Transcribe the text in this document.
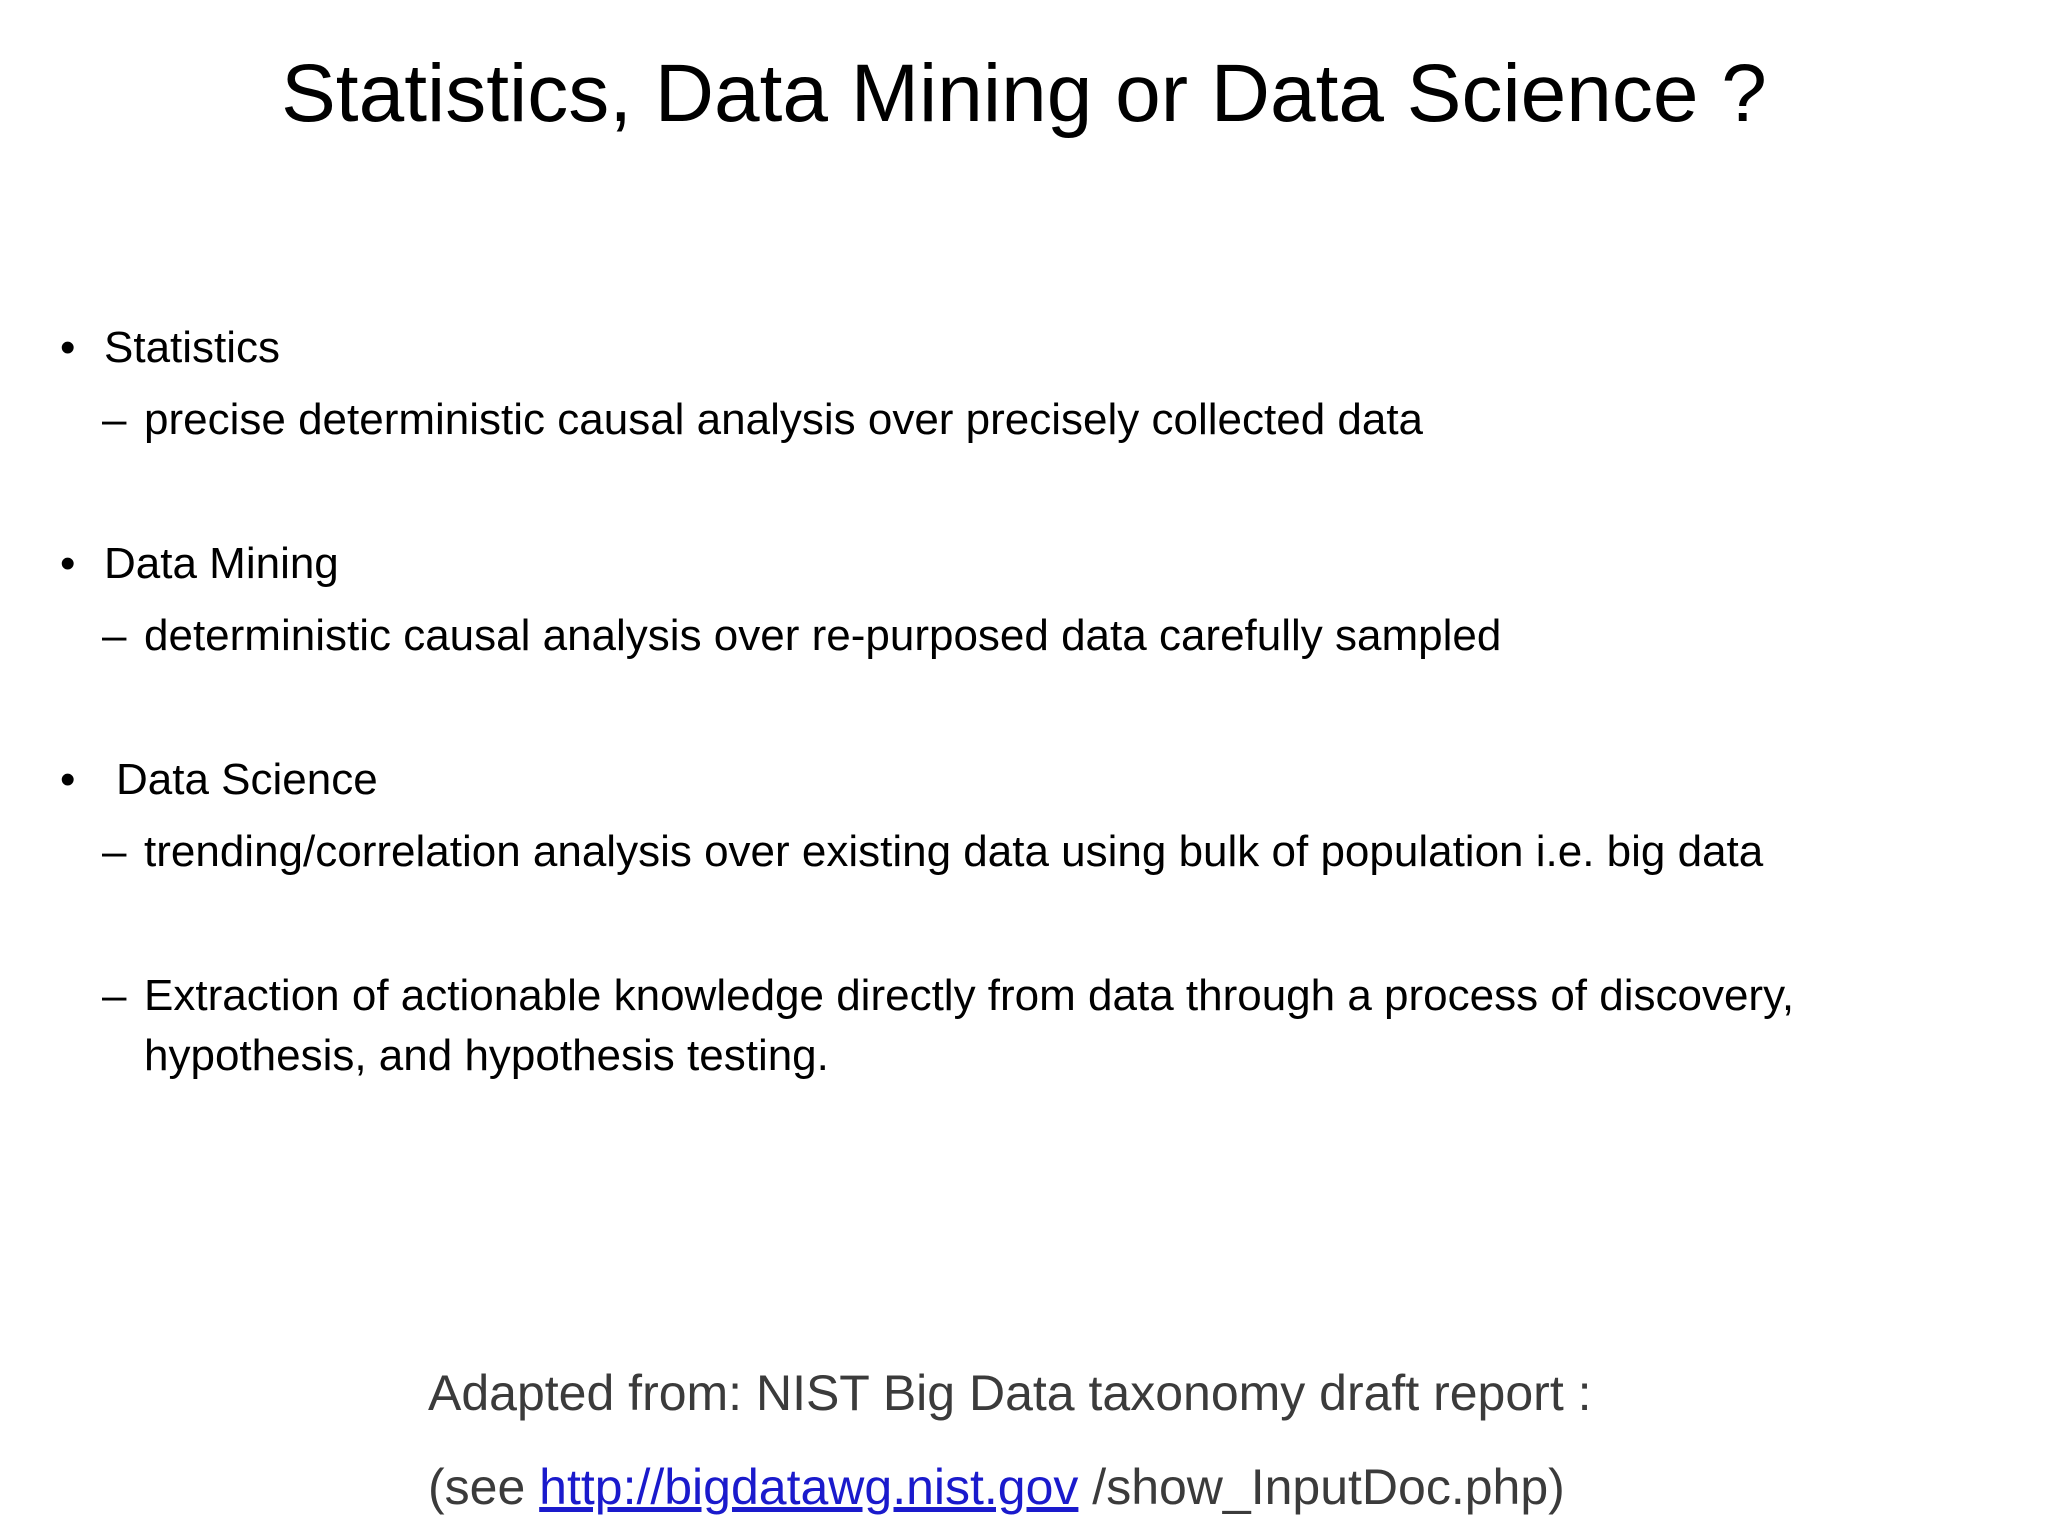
Statistics, Data Mining or Data Science ?
• Statistics
– precise deterministic causal analysis over precisely collected data
• Data Mining
– deterministic causal analysis over re-purposed data carefully sampled
• Data Science
– trending/correlation analysis over existing data using bulk of population i.e. big data
– Extraction of actionable knowledge directly from data through a process of discovery, hypothesis, and hypothesis testing.
Adapted from: NIST Big Data taxonomy draft report :
(see http://bigdatawg.nist.gov /show_InputDoc.php)
